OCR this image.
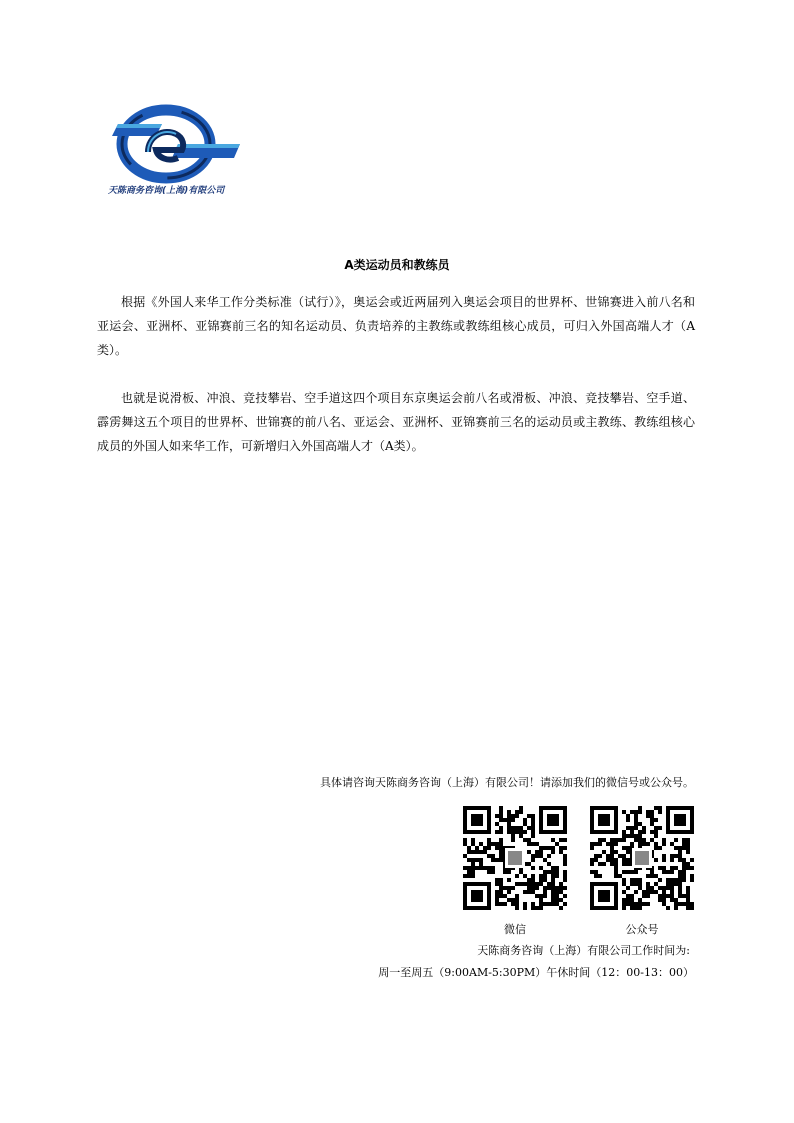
天陈商务咨询(上海)有限公司
A类运动员和教练员

根据《外国人来华工作分类标准（试行）》，奥运会或近两届列入奥运会项目的世界杯、世锦赛进入前八名和亚运会、亚洲杯、亚锦赛前三名的知名运动员、负责培养的主教练或教练组核心成员，可归入外国高端人才（A类）。

也就是说滑板、冲浪、竞技攀岩、空手道这四个项目东京奥运会前八名或滑板、冲浪、竞技攀岩、空手道、霹雳舞这五个项目的世界杯、世锦赛的前八名、亚运会、亚洲杯、亚锦赛前三名的运动员或主教练、教练组核心成员的外国人如来华工作，可新增归入外国高端人才（A类）。

具体请咨询天陈商务咨询（上海）有限公司！请添加我们的微信号或公众号。
微信	公众号
天陈商务咨询（上海）有限公司工作时间为:
周一至周五（9:00AM-5:30PM）午休时间（12：00-13：00）
